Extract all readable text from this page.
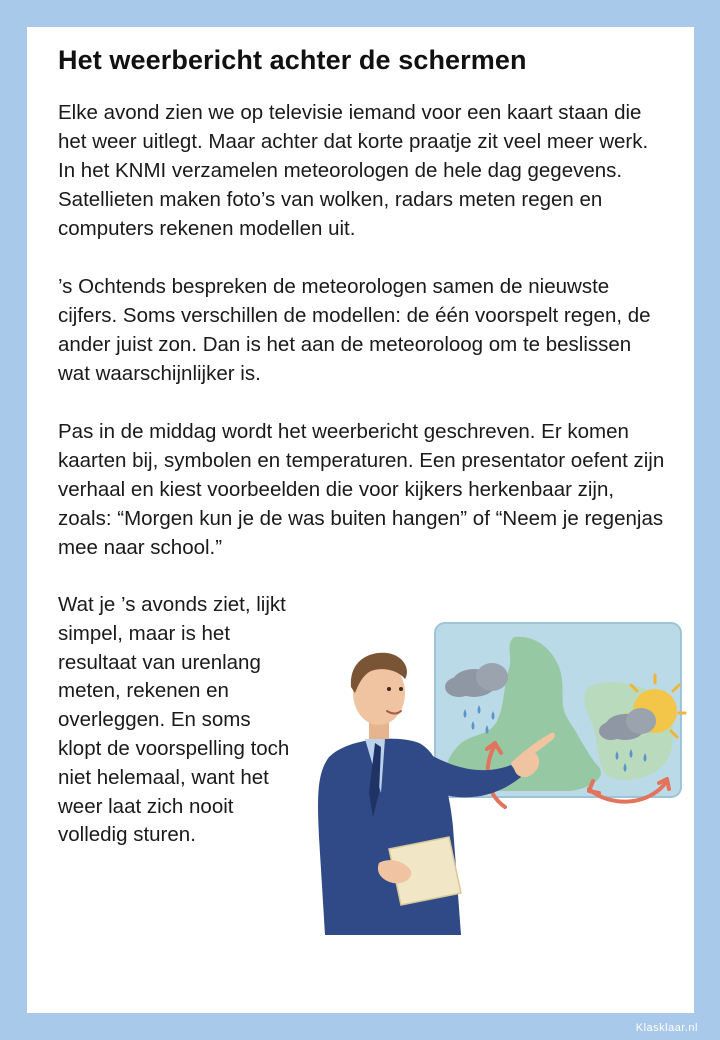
Het weerbericht achter de schermen

Elke avond zien we op televisie iemand voor een kaart staan die het weer uitlegt. Maar achter dat korte praatje zit veel meer werk. In het KNMI verzamelen meteorologen de hele dag gegevens. Satellieten maken foto’s van wolken, radars meten regen en computers rekenen modellen uit.

’s Ochtends bespreken de meteorologen samen de nieuwste cijfers. Soms verschillen de modellen: de één voorspelt regen, de ander juist zon. Dan is het aan de meteoroloog om te beslissen wat waarschijnlijker is.

Pas in de middag wordt het weerbericht geschreven. Er komen kaarten bij, symbolen en temperaturen. Een presentator oefent zijn verhaal en kiest voorbeelden die voor kijkers herkenbaar zijn, zoals: “Morgen kun je de was buiten hangen” of “Neem je regenjas mee naar school.”

Wat je ’s avonds ziet, lijkt simpel, maar is het resultaat van urenlang meten, rekenen en overleggen. En soms klopt de voorspelling toch niet helemaal, want het weer laat zich nooit volledig sturen.

Klasklaar.nl
